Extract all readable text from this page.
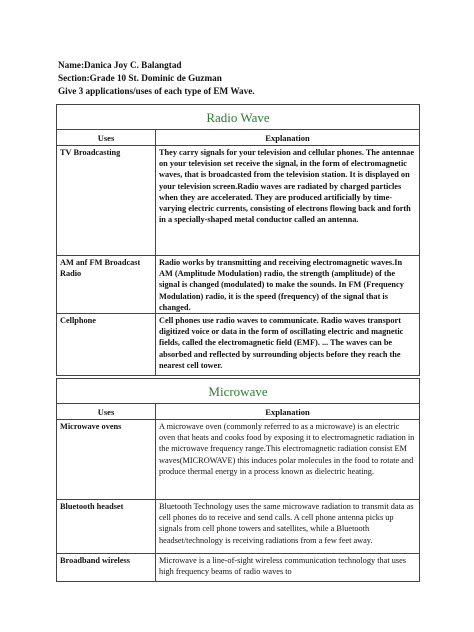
Name:Danica Joy C. Balangtad
Section:Grade 10 St. Dominic de Guzman
Give 3 applications/uses of each type of EM Wave.
Radio Wave	
Uses	Explanation
TV Broadcasting	They carry signals for your television and cellular phones. The antennae on your television set receive the signal, in the form of electromagnetic waves, that is broadcasted from the television station. It is displayed on your television screen.Radio waves are radiated by charged particles when they are accelerated. They are produced artificially by time-varying electric currents, consisting of electrons flowing back and forth in a specially-shaped metal conductor called an antenna.
AM anf FM Broadcast Radio	Radio works by transmitting and receiving electromagnetic waves.In AM (Amplitude Modulation) radio, the strength (amplitude) of the signal is changed (modulated) to make the sounds. In FM (Frequency Modulation) radio, it is the speed (frequency) of the signal that is changed.
Cellphone	Cell phones use radio waves to communicate. Radio waves transport digitized voice or data in the form of oscillating electric and magnetic fields, called the electromagnetic field (EMF). ... The waves can be absorbed and reflected by surrounding objects before they reach the nearest cell tower.
Microwave	
Uses	Explanation
Microwave ovens	A microwave oven (commonly referred to as a microwave) is an electric oven that heats and cooks food by exposing it to electromagnetic radiation in the microwave frequency range.This electromagnetic radiation consist EM waves(MICROWAVE) this induces polar molecules in the food to rotate and produce thermal energy in a process known as dielectric heating.
Bluetooth headset	Bluetooth Technology uses the same microwave radiation to transmit data as cell phones do to receive and send calls. A cell phone antenna picks up signals from cell phone towers and satellites, while a Bluetooth headset/technology is receiving radiations from a few feet away.
Broadband wireless	Microwave is a line-of-sight wireless communication technology that uses high frequency beams of radio waves to
